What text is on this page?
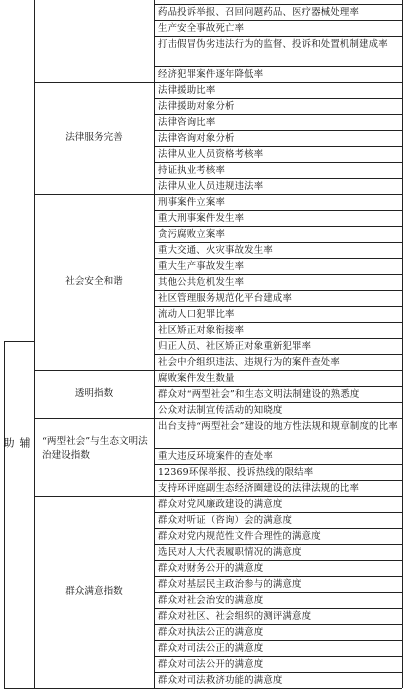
药品投诉举报、召回问题药品、医疗器械处理率
生产安全事故死亡率
打击假冒伪劣违法行为的监督、投诉和处置机制建成率
经济犯罪案件逐年降低率
法律援助比率
法律援助对象分析
法律咨询比率
法律咨询对象分析
法律从业人员资格考核率
持证执业考核率
法律从业人员违规违法率
法律服务完善
刑事案件立案率
重大刑事案件发生率
贪污腐败立案率
重大交通、火灾事故发生率
重大生产事故发生率
其他公共危机发生率
社区管理服务规范化平台建成率
流动人口犯罪比率
社区矫正对象衔接率
归正人员、社区矫正对象重新犯罪率
社会中介组织违法、违规行为的案件查处率
社会安全和谐
腐败案件发生数量
群众对“两型社会”和生态文明法制建设的熟悉度
公众对法制宣传活动的知晓度
透明指数
出台支持“两型社会”建设的地方性法规和规章制度的比率
重大违反环境案件的查处率
12369环保举报、投诉热线的限结率
支持环评庭副生态经济圈建设的法律法规的比率
“两型社会”与生态文明法治建设指数
群众对党风廉政建设的满意度
群众对听证（咨询）会的满意度
群众对党内规范性文件合理性的满意度
选民对人大代表履职情况的满意度
群众对财务公开的满意度
群众对基层民主政治参与的满意度
群众对社会治安的满意度
群众对社区、社会组织的测评满意度
群众对执法公正的满意度
群众对司法公正的满意度
群众对司法公开的满意度
群众对司法救济功能的满意度
群众满意指数
辅助
